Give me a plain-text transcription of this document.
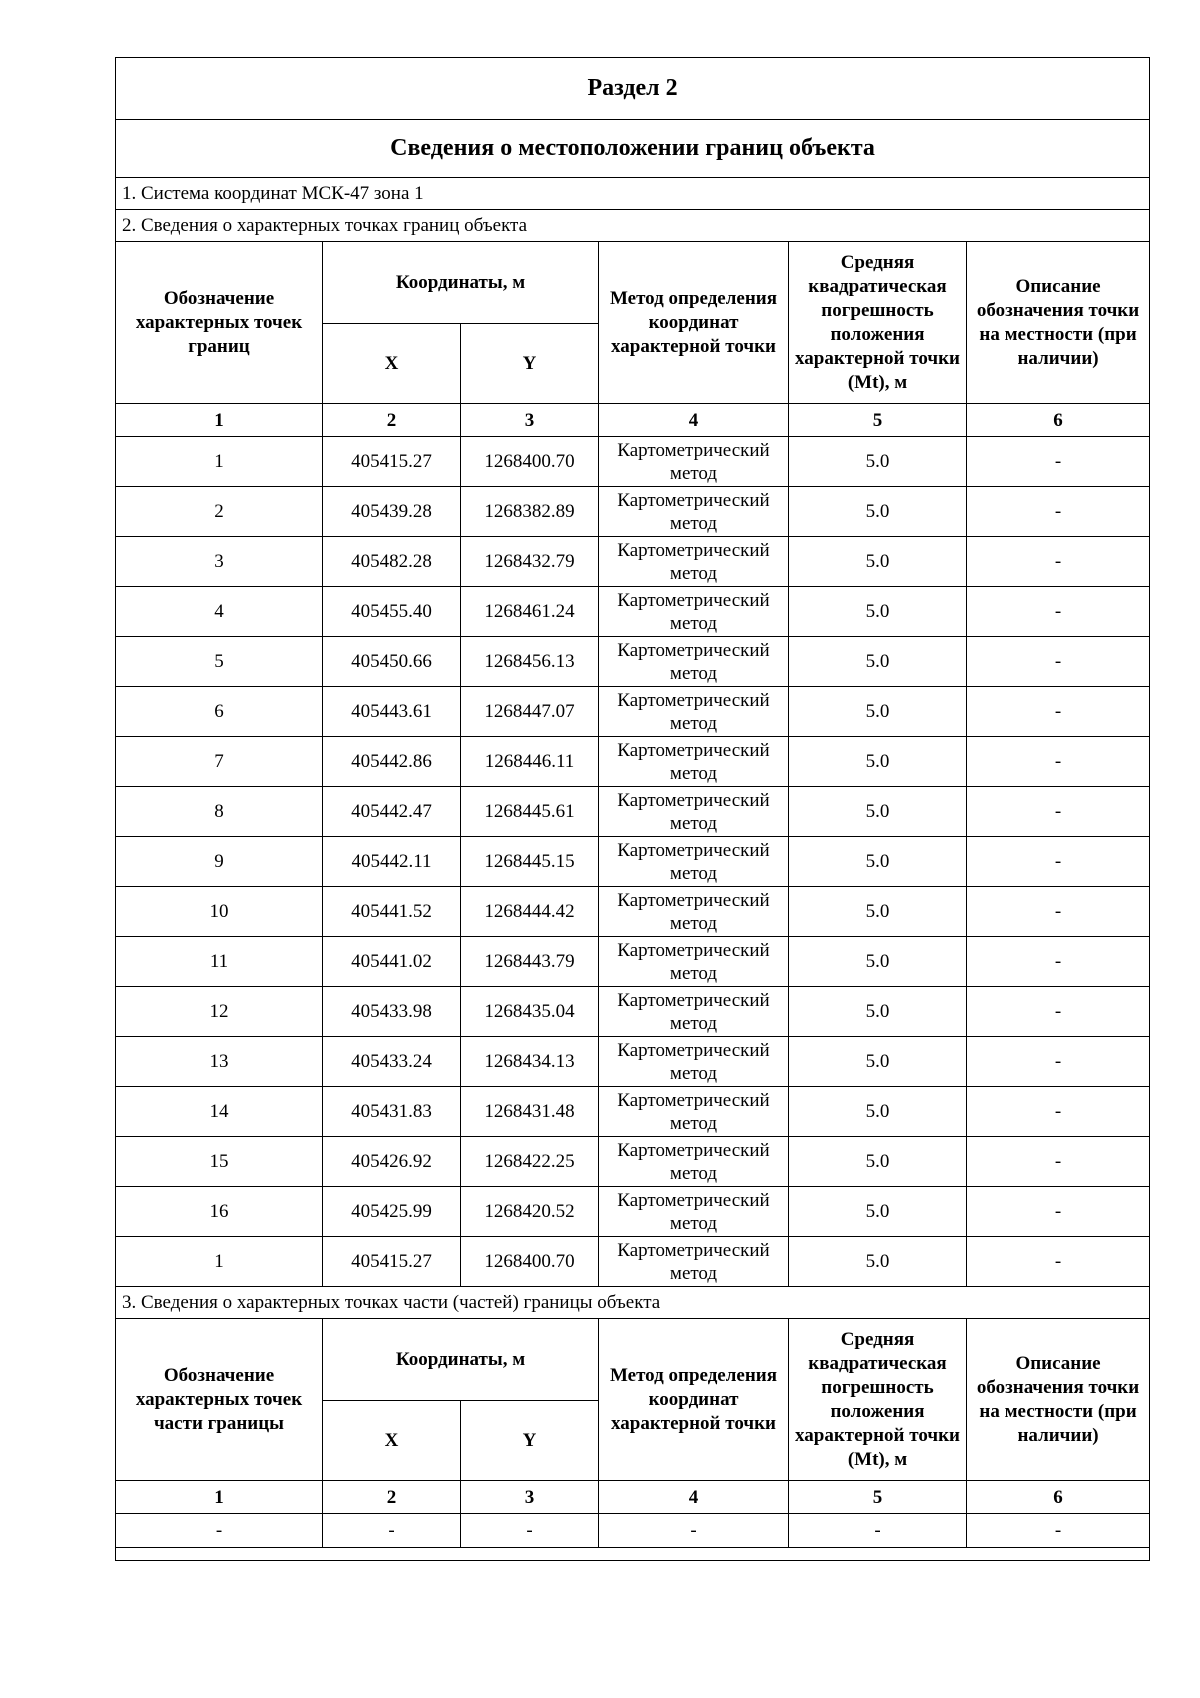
Раздел 2					
Сведения о местоположении границ объекта					
1. Система координат МСК-47 зона 1					
2. Сведения о характерных точках границ объекта					
Обозначение характерных точек границ	Координаты, м		Метод определения координат характерной точки	Средняя квадратическая погрешность положения характерной точки (Mt), м	Описание обозначения точки на местности (при наличии)
	X	Y			
1	2	3	4	5	6
1	405415.27	1268400.70	Картометрический метод	5.0	-
2	405439.28	1268382.89	Картометрический метод	5.0	-
3	405482.28	1268432.79	Картометрический метод	5.0	-
4	405455.40	1268461.24	Картометрический метод	5.0	-
5	405450.66	1268456.13	Картометрический метод	5.0	-
6	405443.61	1268447.07	Картометрический метод	5.0	-
7	405442.86	1268446.11	Картометрический метод	5.0	-
8	405442.47	1268445.61	Картометрический метод	5.0	-
9	405442.11	1268445.15	Картометрический метод	5.0	-
10	405441.52	1268444.42	Картометрический метод	5.0	-
11	405441.02	1268443.79	Картометрический метод	5.0	-
12	405433.98	1268435.04	Картометрический метод	5.0	-
13	405433.24	1268434.13	Картометрический метод	5.0	-
14	405431.83	1268431.48	Картометрический метод	5.0	-
15	405426.92	1268422.25	Картометрический метод	5.0	-
16	405425.99	1268420.52	Картометрический метод	5.0	-
1	405415.27	1268400.70	Картометрический метод	5.0	-
3. Сведения о характерных точках части (частей) границы объекта					
Обозначение характерных точек части границы	Координаты, м		Метод определения координат характерной точки	Средняя квадратическая погрешность положения характерной точки (Mt), м	Описание обозначения точки на местности (при наличии)
	X	Y			
1	2	3	4	5	6
-	-	-	-	-	-
